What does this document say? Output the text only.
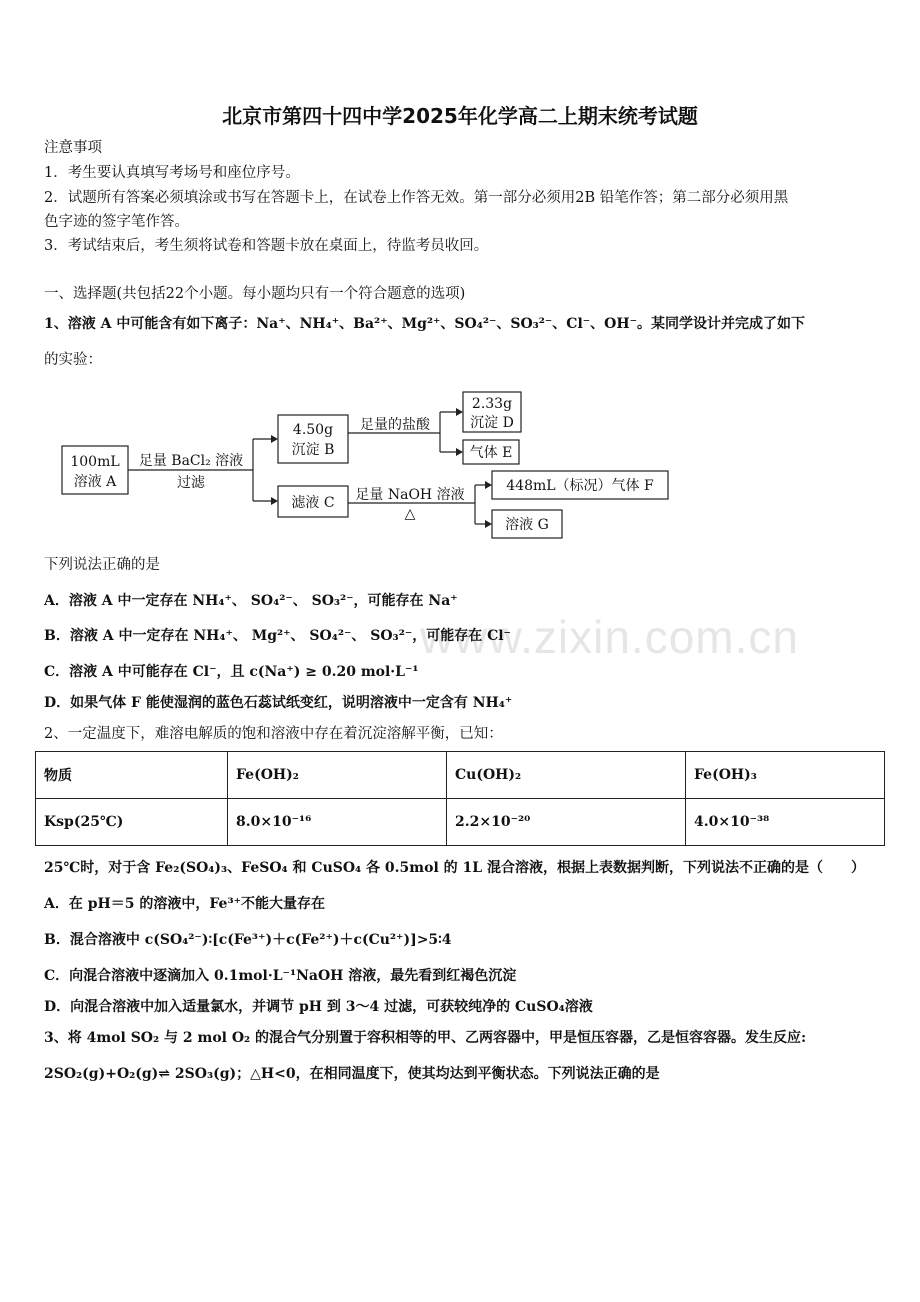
北京市第四十四中学2025年化学高二上期末统考试题
注意事项
1．考生要认真填写考场号和座位序号。
2．试题所有答案必须填涂或书写在答题卡上，在试卷上作答无效。第一部分必须用2B 铅笔作答；第二部分必须用黑
色字迹的签字笔作答。
3．考试结束后，考生须将试卷和答题卡放在桌面上，待监考员收回。
一、选择题(共包括22个小题。每小题均只有一个符合题意的选项)
1、溶液 A 中可能含有如下离子：Na⁺、NH₄⁺、Ba²⁺、Mg²⁺、SO₄²⁻、SO₃²⁻、Cl⁻、OH⁻。某同学设计并完成了如下
的实验：
100mL
溶液 A
足量 BaCl₂ 溶液
过滤
4.50g
沉淀 B
滤液 C
足量的盐酸
2.33g
沉淀 D
气体 E
足量 NaOH 溶液
△
448mL（标况）气体 F
溶液 G
www.zixin.com.cn
下列说法正确的是
A．溶液 A 中一定存在 NH₄⁺、 SO₄²⁻、 SO₃²⁻，可能存在 Na⁺
B．溶液 A 中一定存在 NH₄⁺、 Mg²⁺、 SO₄²⁻、 SO₃²⁻，可能存在 Cl⁻
C．溶液 A 中可能存在 Cl⁻，且 c(Na⁺) ≥ 0.20 mol·L⁻¹
D．如果气体 F 能使湿润的蓝色石蕊试纸变红，说明溶液中一定含有 NH₄⁺
2、一定温度下，难溶电解质的饱和溶液中存在着沉淀溶解平衡，已知：
物质	Fe(OH)₂	Cu(OH)₂	Fe(OH)₃
Ksp(25℃)	8.0×10⁻¹⁶	2.2×10⁻²⁰	4.0×10⁻³⁸
25℃时，对于含 Fe₂(SO₄)₃、FeSO₄ 和 CuSO₄ 各 0.5mol 的 1L 混合溶液，根据上表数据判断，下列说法不正确的是（　　）
A．在 pH＝5 的溶液中，Fe³⁺不能大量存在
B．混合溶液中 c(SO₄²⁻)∶[c(Fe³⁺)＋c(Fe²⁺)＋c(Cu²⁺)]>5∶4
C．向混合溶液中逐滴加入 0.1mol·L⁻¹NaOH 溶液，最先看到红褐色沉淀
D．向混合溶液中加入适量氯水，并调节 pH 到 3～4 过滤，可获较纯净的 CuSO₄溶液
3、将 4mol SO₂ 与 2 mol O₂ 的混合气分别置于容积相等的甲、乙两容器中，甲是恒压容器，乙是恒容容器。发生反应:
2SO₂(g)+O₂(g)⇌ 2SO₃(g)；△H<0，在相同温度下，使其均达到平衡状态。下列说法正确的是
